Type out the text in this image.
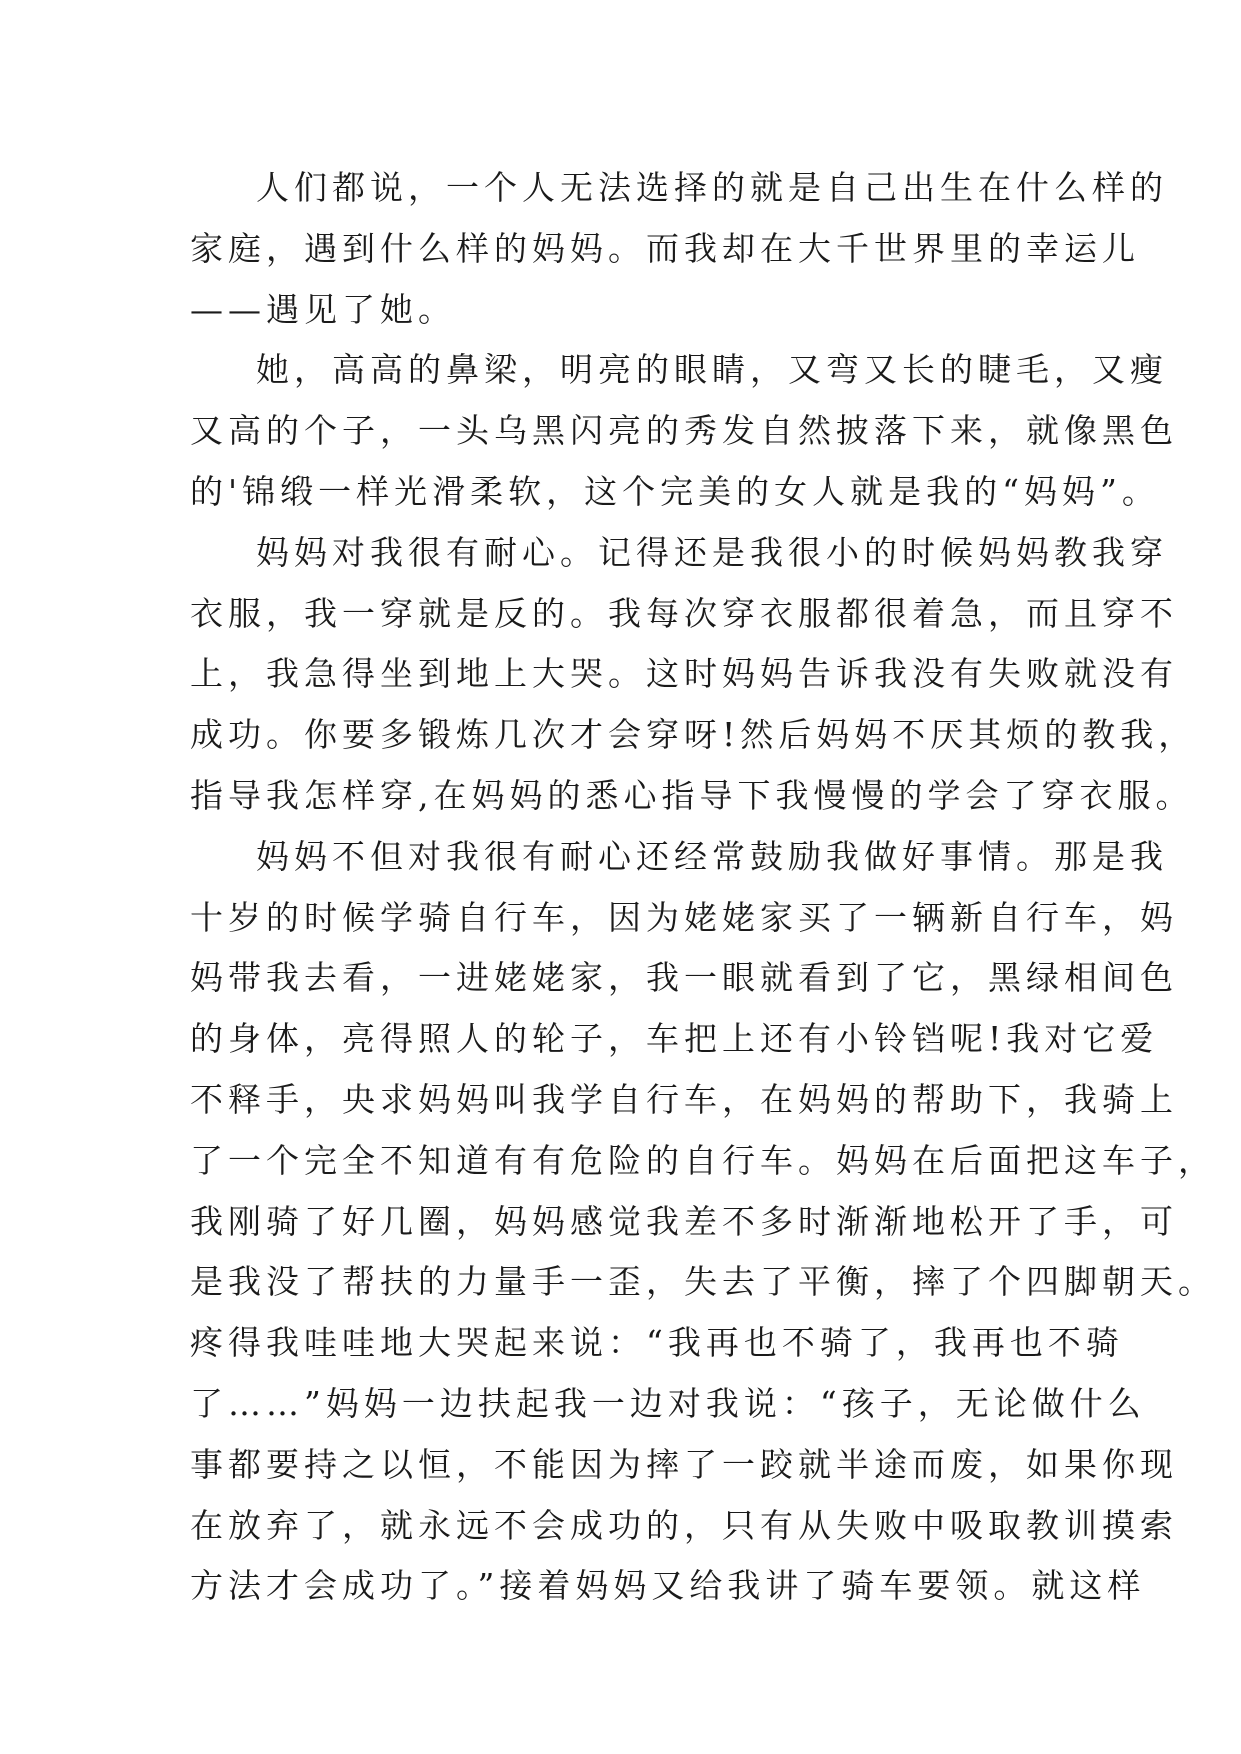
人们都说，一个人无法选择的就是自己出生在什么样的
家庭，遇到什么样的妈妈。而我却在大千世界里的幸运儿
——遇见了她。
她，高高的鼻梁，明亮的眼睛，又弯又长的睫毛，又瘦
又高的个子，一头乌黑闪亮的秀发自然披落下来，就像黑色
的'锦缎一样光滑柔软，这个完美的女人就是我的“妈妈”。
妈妈对我很有耐心。记得还是我很小的时候妈妈教我穿
衣服，我一穿就是反的。我每次穿衣服都很着急，而且穿不
上，我急得坐到地上大哭。这时妈妈告诉我没有失败就没有
成功。你要多锻炼几次才会穿呀!然后妈妈不厌其烦的教我，
指导我怎样穿,在妈妈的悉心指导下我慢慢的学会了穿衣服。
妈妈不但对我很有耐心还经常鼓励我做好事情。那是我
十岁的时候学骑自行车，因为姥姥家买了一辆新自行车，妈
妈带我去看，一进姥姥家，我一眼就看到了它，黑绿相间色
的身体，亮得照人的轮子，车把上还有小铃铛呢!我对它爱
不释手，央求妈妈叫我学自行车，在妈妈的帮助下，我骑上
了一个完全不知道有有危险的自行车。妈妈在后面把这车子，
我刚骑了好几圈，妈妈感觉我差不多时渐渐地松开了手，可
是我没了帮扶的力量手一歪，失去了平衡，摔了个四脚朝天。
疼得我哇哇地大哭起来说：“我再也不骑了，我再也不骑
了……”妈妈一边扶起我一边对我说：“孩子，无论做什么
事都要持之以恒，不能因为摔了一跤就半途而废，如果你现
在放弃了，就永远不会成功的，只有从失败中吸取教训摸索
方法才会成功了。”接着妈妈又给我讲了骑车要领。就这样
